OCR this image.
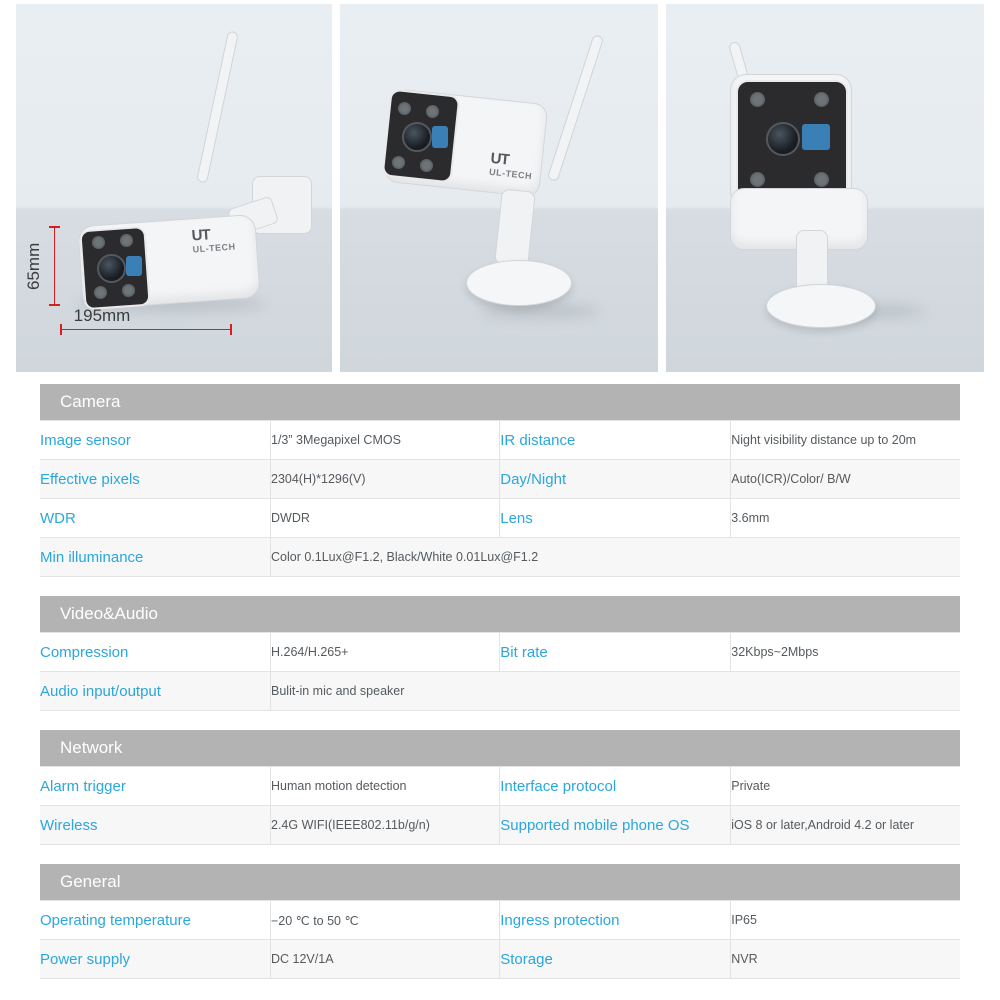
UT
UL-TECH
195mm
65mm
UT
UL-TECH
Camera
Image sensor	1/3” 3Megapixel CMOS	IR distance	Night visibility distance up to 20m
Effective pixels	2304(H)*1296(V)	Day/Night	Auto(ICR)/Color/ B/W
WDR	DWDR	Lens	3.6mm
Min illuminance	Color 0.1Lux@F1.2, Black/White 0.01Lux@F1.2		
Video&Audio
Compression	H.264/H.265+	Bit rate	32Kbps~2Mbps
Audio input/output	Bulit-in mic and speaker		
Network
Alarm trigger	Human motion detection	Interface protocol	Private
Wireless	2.4G WIFI(IEEE802.11b/g/n)	Supported mobile phone OS	iOS 8 or later,Android 4.2 or later
General
Operating temperature	−20 ℃ to 50 ℃	Ingress protection	IP65
Power supply	DC 12V/1A	Storage	NVR
